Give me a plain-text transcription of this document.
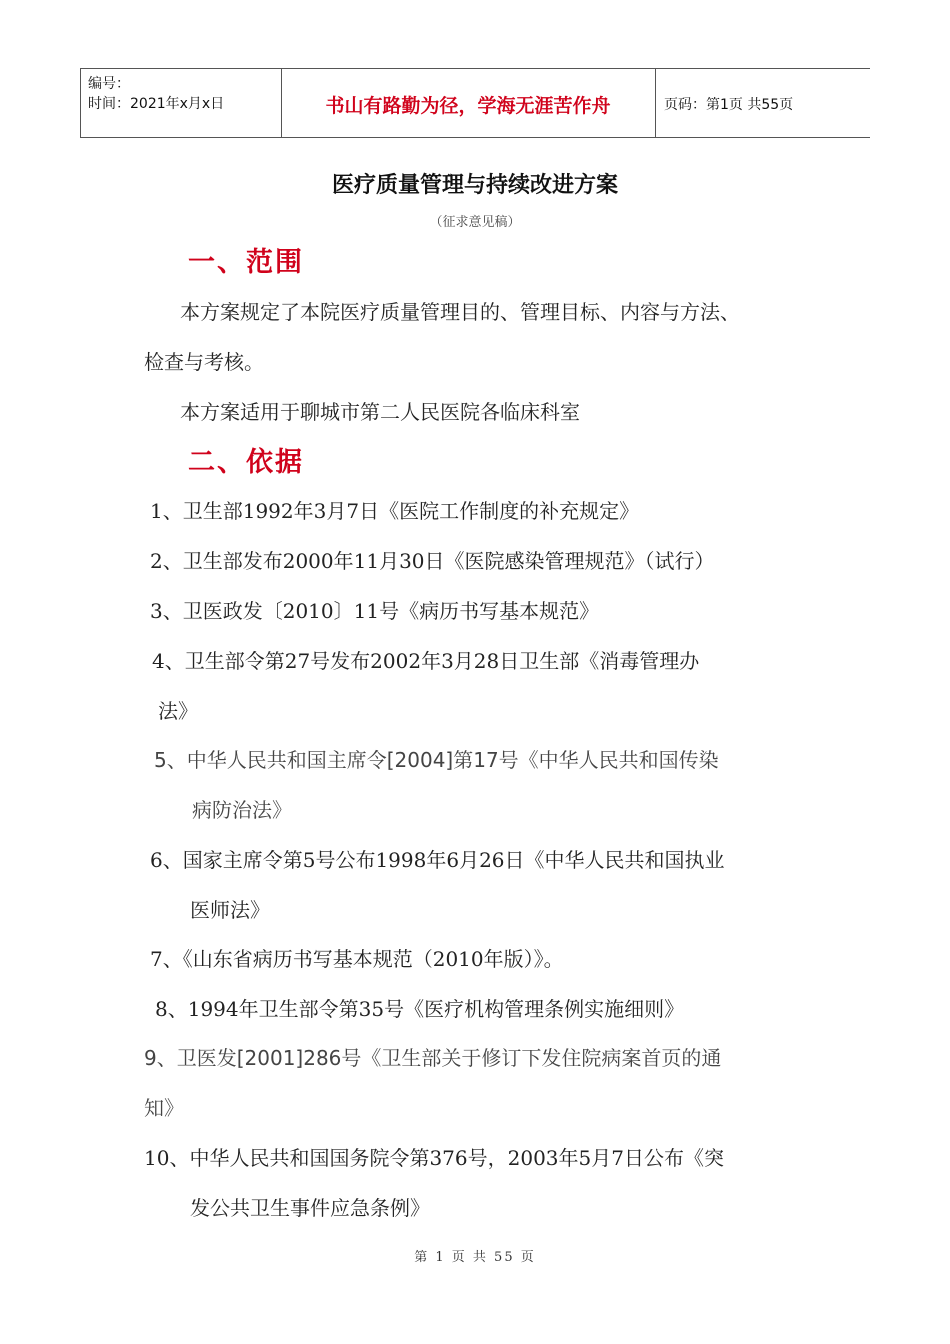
编号：
时间：2021年x月x日	书山有路勤为径，学海无涯苦作舟	页码：第1页 共55页
医疗质量管理与持续改进方案
（征求意见稿）
一、范围
本方案规定了本院医疗质量管理目的、管理目标、内容与方法、
检查与考核。
本方案适用于聊城市第二人民医院各临床科室
二、依据
1、卫生部1992年3月7日《医院工作制度的补充规定》
2、卫生部发布2000年11月30日《医院感染管理规范》（试行）
3、卫医政发〔2010〕11号《病历书写基本规范》
4、卫生部令第27号发布2002年3月28日卫生部《消毒管理办
法》
5、中华人民共和国主席令[2004]第17号《中华人民共和国传染
病防治法》
6、国家主席令第5号公布1998年6月26日《中华人民共和国执业
医师法》
7、《山东省病历书写基本规范（2010年版）》。
8、1994年卫生部令第35号《医疗机构管理条例实施细则》
9、卫医发[2001]286号《卫生部关于修订下发住院病案首页的通
知》
10、中华人民共和国国务院令第376号，2003年5月7日公布《突
发公共卫生事件应急条例》
第 1 页 共 55 页
